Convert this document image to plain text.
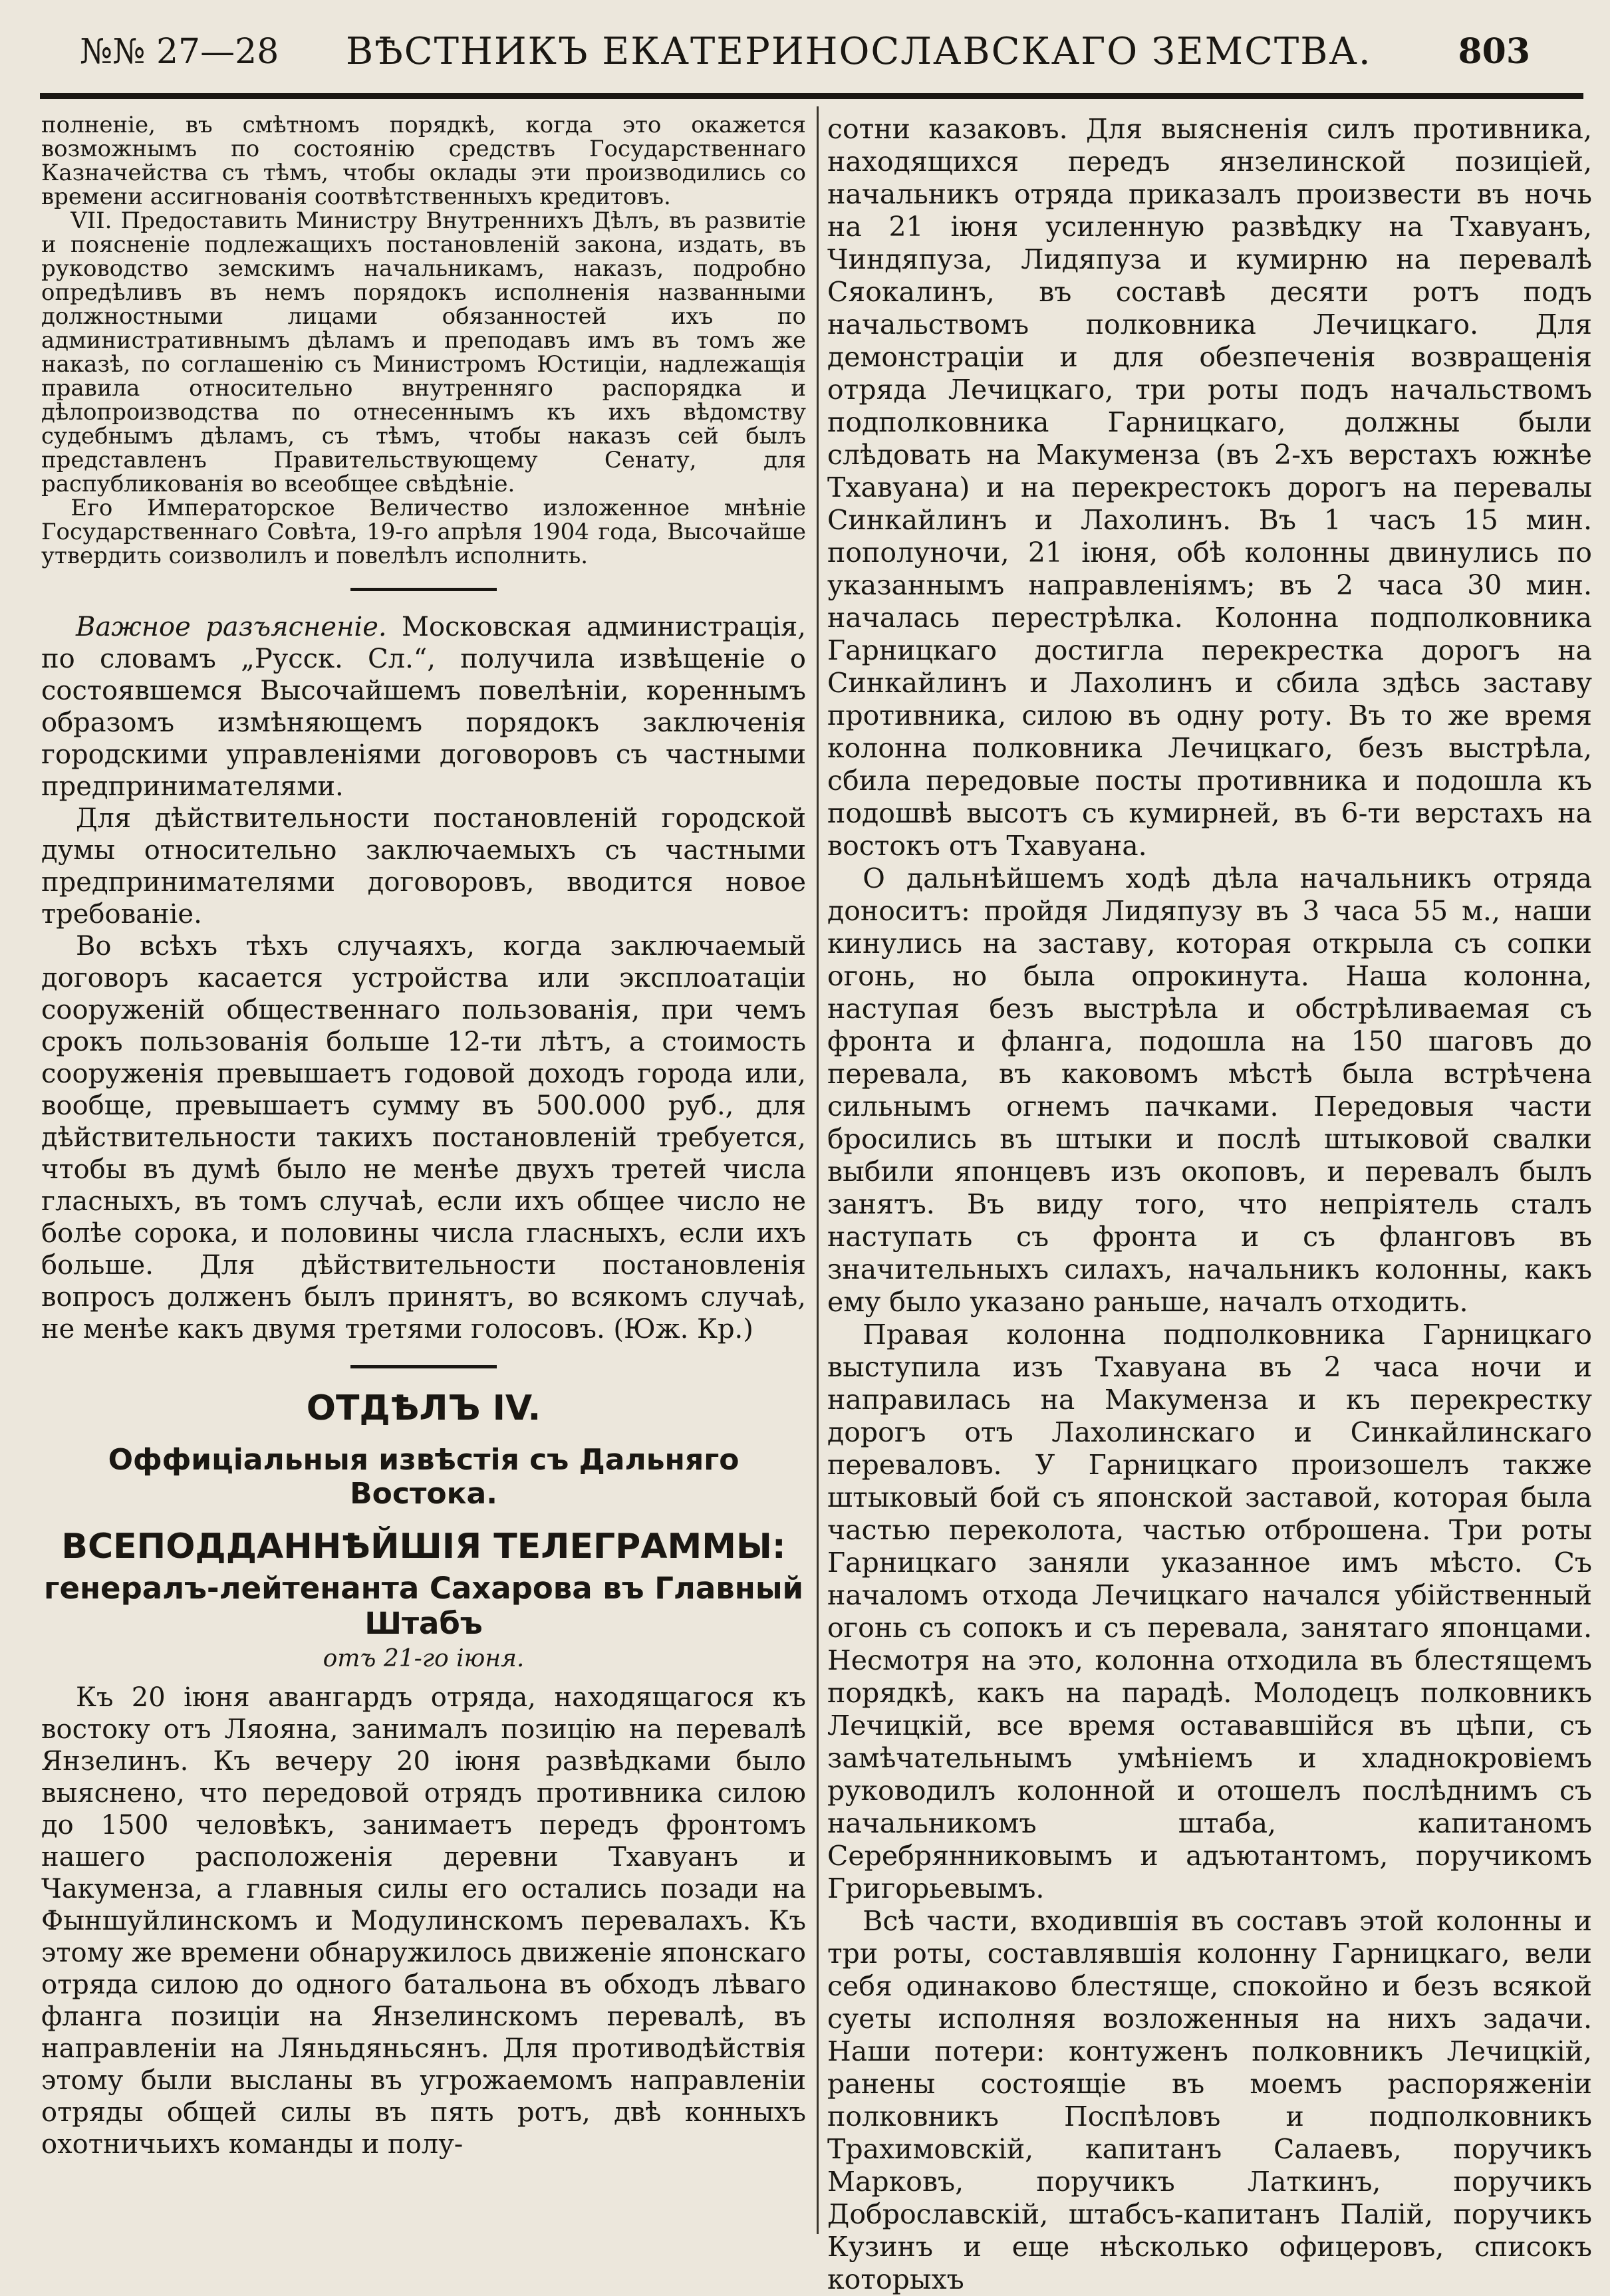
№№ 27—28 ВѢСТНИКЪ ЕКАТЕРИНОСЛАВСКАГО ЗЕМСТВА. 803

полненіе, въ смѣтномъ порядкѣ, когда это окажется возможнымъ по состоянію средствъ Государственнаго Казначейства съ тѣмъ, чтобы оклады эти производились со времени ассигнованія соотвѣтственныхъ кредитовъ.

VII. Предоставить Министру Внутреннихъ Дѣлъ, въ развитіе и поясненіе подлежащихъ постановленій закона, издать, въ руководство земскимъ начальникамъ, наказъ, подробно опредѣливъ въ немъ порядокъ исполненія названными должностными лицами обязанностей ихъ по административнымъ дѣламъ и преподавъ имъ въ томъ же наказѣ, по соглашенію съ Министромъ Юстиціи, надлежащія правила относительно внутренняго распорядка и дѣлопроизводства по отнесеннымъ къ ихъ вѣдомству судебнымъ дѣламъ, съ тѣмъ, чтобы наказъ сей былъ представленъ Правительствующему Сенату, для распубликованія во всеобщее свѣдѣніе.

Его Императорское Величество изложенное мнѣніе Государственнаго Совѣта, 19-го апрѣля 1904 года, Высочайше утвердить соизволилъ и повелѣлъ исполнить.

Важное разъясненіе. Московская администрація, по словамъ „Русск. Сл.“, получила извѣщеніе о состоявшемся Высочайшемъ повелѣніи, кореннымъ образомъ измѣняющемъ порядокъ заключенія городскими управленіями договоровъ съ частными предпринимателями.

Для дѣйствительности постановленій городской думы относительно заключаемыхъ съ частными предпринимателями договоровъ, вводится новое требованіе.

Во всѣхъ тѣхъ случаяхъ, когда заключаемый договоръ касается устройства или эксплоатаціи сооруженій общественнаго пользованія, при чемъ срокъ пользованія больше 12-ти лѣтъ, а стоимость сооруженія превышаетъ годовой доходъ города или, вообще, превышаетъ сумму въ 500.000 руб., для дѣйствительности такихъ постановленій требуется, чтобы въ думѣ было не менѣе двухъ третей числа гласныхъ, въ томъ случаѣ, если ихъ общее число не болѣе сорока, и половины числа гласныхъ, если ихъ больше. Для дѣйствительности постановленія вопросъ долженъ былъ принятъ, во всякомъ случаѣ, не менѣе какъ двумя третями голосовъ. (Юж. Кр.)

ОТДѢЛЪ IV.
Оффиціальныя извѣстія съ Дальняго Востока.
ВСЕПОДДАННѢЙШІЯ ТЕЛЕГРАММЫ:
генералъ-лейтенанта Сахарова въ Главный Штабъ
отъ 21-го іюня.

Къ 20 іюня авангардъ отряда, находящагося къ востоку отъ Ляояна, занималъ позицію на перевалѣ Янзелинъ. Къ вечеру 20 іюня развѣдками было выяснено, что передовой отрядъ противника силою до 1500 человѣкъ, занимаетъ передъ фронтомъ нашего расположенія деревни Тхавуанъ и Чакуменза, а главныя силы его остались позади на Фыншуйлинскомъ и Модулинскомъ перевалахъ. Къ этому же времени обнаружилось движеніе японскаго отряда силою до одного батальона въ обходъ лѣваго фланга позиціи на Янзелинскомъ перевалѣ, въ направленіи на Ляньдяньсянъ. Для противодѣйствія этому были высланы въ угрожаемомъ направленіи отряды общей силы въ пять ротъ, двѣ конныхъ охотничьихъ команды и полу-

сотни казаковъ. Для выясненія силъ противника, находящихся передъ янзелинской позиціей, начальникъ отряда приказалъ произвести въ ночь на 21 іюня усиленную развѣдку на Тхавуанъ, Чиндяпуза, Лидяпуза и кумирню на перевалѣ Сяокалинъ, въ составѣ десяти ротъ подъ начальствомъ полковника Лечицкаго. Для демонстраціи и для обезпеченія возвращенія отряда Лечицкаго, три роты подъ начальствомъ подполковника Гарницкаго, должны были слѣдовать на Макуменза (въ 2-хъ верстахъ южнѣе Тхавуана) и на перекрестокъ дорогъ на перевалы Синкайлинъ и Лахолинъ. Въ 1 часъ 15 мин. пополуночи, 21 іюня, обѣ колонны двинулись по указаннымъ направленіямъ; въ 2 часа 30 мин. началась перестрѣлка. Колонна подполковника Гарницкаго достигла перекрестка дорогъ на Синкайлинъ и Лахолинъ и сбила здѣсь заставу противника, силою въ одну роту. Въ то же время колонна полковника Лечицкаго, безъ выстрѣла, сбила передовые посты противника и подошла къ подошвѣ высотъ съ кумирней, въ 6-ти верстахъ на востокъ отъ Тхавуана.

О дальнѣйшемъ ходѣ дѣла начальникъ отряда доноситъ: пройдя Лидяпузу въ 3 часа 55 м., наши кинулись на заставу, которая открыла съ сопки огонь, но была опрокинута. Наша колонна, наступая безъ выстрѣла и обстрѣливаемая съ фронта и фланга, подошла на 150 шаговъ до перевала, въ каковомъ мѣстѣ была встрѣчена сильнымъ огнемъ пачками. Передовыя части бросились въ штыки и послѣ штыковой свалки выбили японцевъ изъ окоповъ, и перевалъ былъ занятъ. Въ виду того, что непріятель сталъ наступать съ фронта и съ фланговъ въ значительныхъ силахъ, начальникъ колонны, какъ ему было указано раньше, началъ отходить.

Правая колонна подполковника Гарницкаго выступила изъ Тхавуана въ 2 часа ночи и направилась на Макуменза и къ перекрестку дорогъ отъ Лахолинскаго и Синкайлинскаго переваловъ. У Гарницкаго произошелъ также штыковый бой съ японской заставой, которая была частью переколота, частью отброшена. Три роты Гарницкаго заняли указанное имъ мѣсто. Съ началомъ отхода Лечицкаго начался убійственный огонь съ сопокъ и съ перевала, занятаго японцами. Несмотря на это, колонна отходила въ блестящемъ порядкѣ, какъ на парадѣ. Молодецъ полковникъ Лечицкій, все время остававшійся въ цѣпи, съ замѣчательнымъ умѣніемъ и хладнокровіемъ руководилъ колонной и отошелъ послѣднимъ съ начальникомъ штаба, капитаномъ Серебрянниковымъ и адъютантомъ, поручикомъ Григорьевымъ.

Всѣ части, входившія въ составъ этой колонны и три роты, составлявшія колонну Гарницкаго, вели себя одинаково блестяще, спокойно и безъ всякой суеты исполняя возложенныя на нихъ задачи. Наши потери: контуженъ полковникъ Лечицкій, ранены состоящіе въ моемъ распоряженіи полковникъ Поспѣловъ и подполковникъ Трахимовскій, капитанъ Салаевъ, поручикъ Марковъ, поручикъ Латкинъ, поручикъ Доброславскій, штабсъ-капитанъ Палій, поручикъ Кузинъ и еще нѣсколько офицеровъ, списокъ которыхъ
